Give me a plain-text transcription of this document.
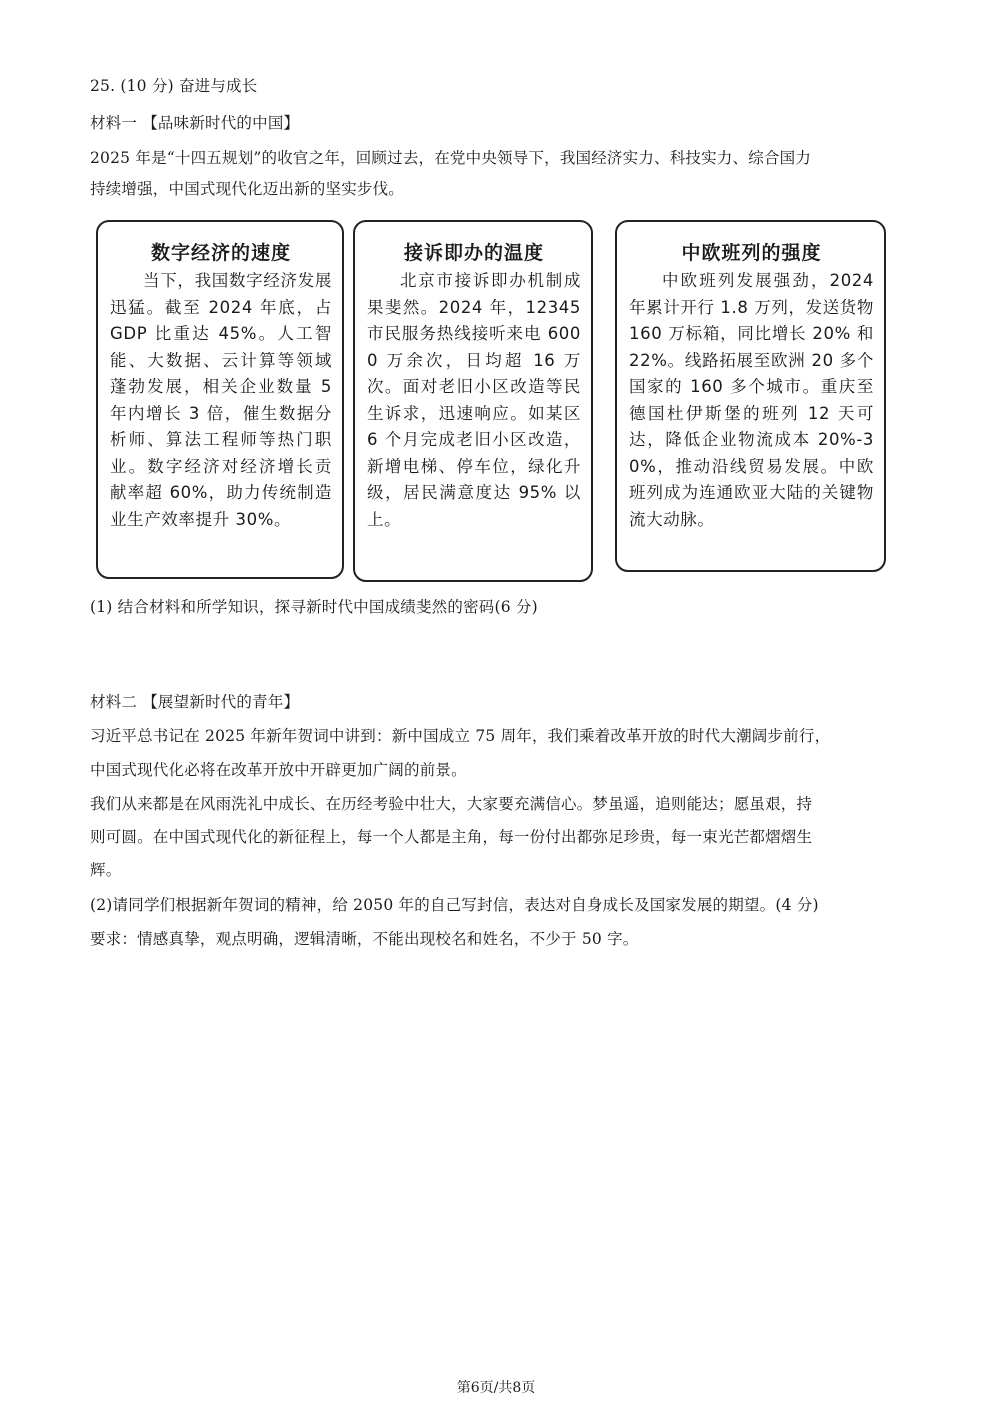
25. (10 分) 奋进与成长
材料一 【品味新时代的中国】
2025 年是“十四五规划”的收官之年，回顾过去，在党中央领导下，我国经济实力、科技实力、综合国力
持续增强，中国式现代化迈出新的坚实步伐。
数字经济的速度
当下，我国数字经济发展迅猛。截至 2024 年底，占 GDP 比重达 45%。人工智能、大数据、云计算等领域蓬勃发展，相关企业数量 5 年内增长 3 倍，催生数据分析师、算法工程师等热门职业。数字经济对经济增长贡献率超 60%，助力传统制造业生产效率提升 30%。
接诉即办的温度
北京市接诉即办机制成果斐然。2024 年，12345 市民服务热线接听来电 6000 万余次，日均超 16 万次。面对老旧小区改造等民生诉求，迅速响应。如某区 6 个月完成老旧小区改造，新增电梯、停车位，绿化升级，居民满意度达 95% 以上。
中欧班列的强度
中欧班列发展强劲，2024 年累计开行 1.8 万列，发送货物 160 万标箱，同比增长 20% 和 22%。线路拓展至欧洲 20 多个国家的 160 多个城市。重庆至德国杜伊斯堡的班列 12 天可达，降低企业物流成本 20%-30%，推动沿线贸易发展。中欧班列成为连通欧亚大陆的关键物流大动脉。
(1) 结合材料和所学知识，探寻新时代中国成绩斐然的密码(6 分)
材料二 【展望新时代的青年】
习近平总书记在 2025 年新年贺词中讲到：新中国成立 75 周年，我们乘着改革开放的时代大潮阔步前行，
中国式现代化必将在改革开放中开辟更加广阔的前景。
我们从来都是在风雨洗礼中成长、在历经考验中壮大，大家要充满信心。梦虽遥，追则能达；愿虽艰，持
则可圆。在中国式现代化的新征程上，每一个人都是主角，每一份付出都弥足珍贵，每一束光芒都熠熠生
辉。
(2)请同学们根据新年贺词的精神，给 2050 年的自己写封信，表达对自身成长及国家发展的期望。(4 分)
要求：情感真挚，观点明确，逻辑清晰，不能出现校名和姓名，不少于 50 字。
第6页/共8页
